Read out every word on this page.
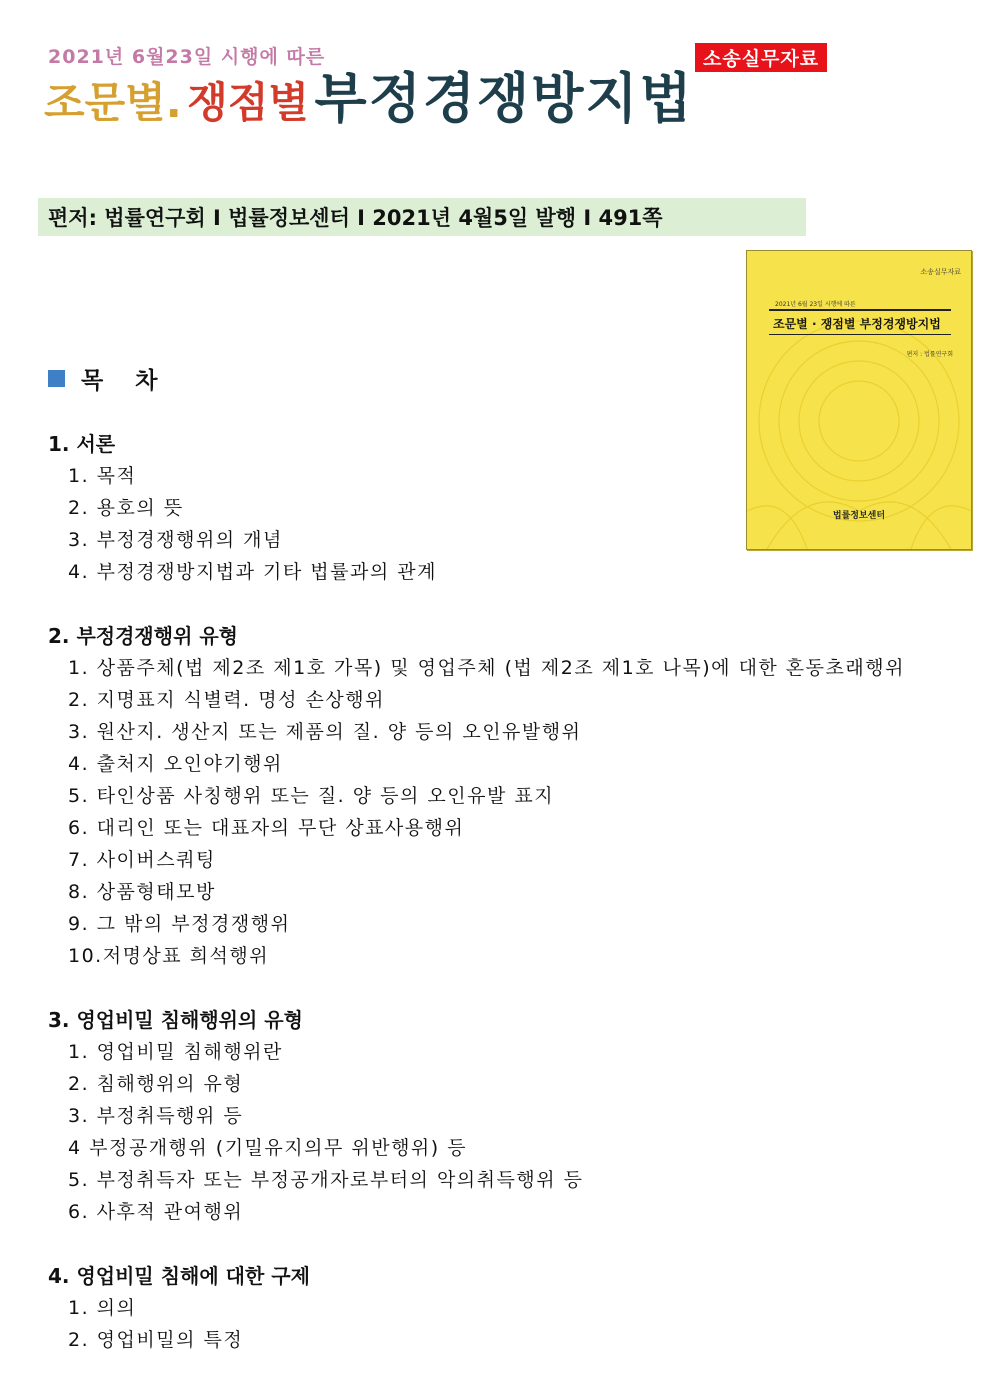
2021년 6월23일 시행에 따른	소송실무자료
조문별. 쟁점별 부정경쟁방지법
편저: 법률연구회 I 법률정보센터 I 2021년 4월5일 발행 I 491쪽
소송실무자료
2021년 6월 23일 시행에 따른
조문별 · 쟁점별 부정경쟁방지법
편저 : 법률연구회
법률정보센터
목 차
1. 서론
1. 목적
2. 용호의 뜻
3. 부정경쟁행위의 개념
4. 부정경쟁방지법과 기타 법률과의 관계
2. 부정경쟁행위 유형
1. 상품주체(법 제2조 제1호 가목) 및 영업주체 (법 제2조 제1호 나목)에 대한 혼동초래행위
2. 지명표지 식별력. 명성 손상행위
3. 원산지. 생산지 또는 제품의 질. 양 등의 오인유발행위
4. 출처지 오인야기행위
5. 타인상품 사칭행위 또는 질. 양 등의 오인유발 표지
6. 대리인 또는 대표자의 무단 상표사용행위
7. 사이버스쿼팅
8. 상품형태모방
9. 그 밖의 부정경쟁행위
10.저명상표 희석행위
3. 영업비밀 침해행위의 유형
1. 영업비밀 침해행위란
2. 침해행위의 유형
3. 부정취득행위 등
4 부정공개행위 (기밀유지의무 위반행위) 등
5. 부정취득자 또는 부정공개자로부터의 악의취득행위 등
6. 사후적 관여행위
4. 영업비밀 침해에 대한 구제
1. 의의
2. 영업비밀의 특정
